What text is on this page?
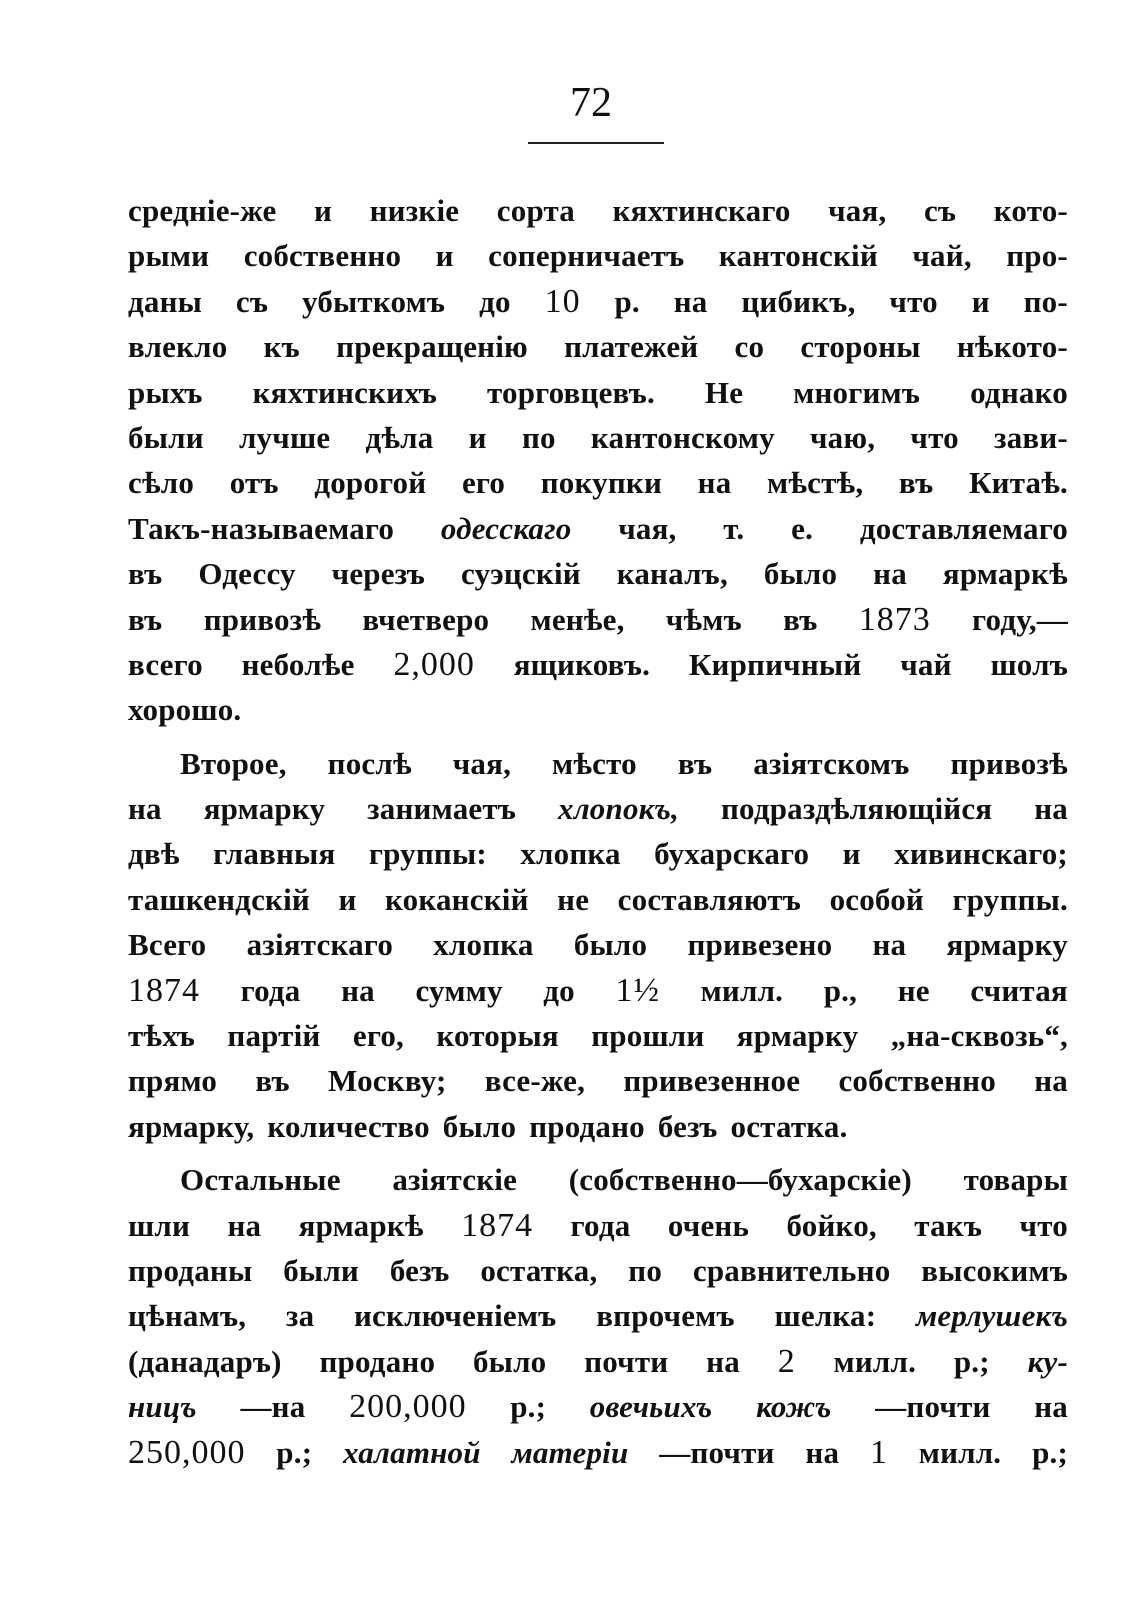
72
средніе-же и низкіе сорта кяхтинскаго чая, съ кото-
рыми собственно и соперничаетъ кантонскій чай, про-
даны съ убыткомъ до 10 р. на цибикъ, что и по-
влекло къ прекращенію платежей со стороны нѣкото-
рыхъ кяхтинскихъ торговцевъ. Не многимъ однако
были лучше дѣла и по кантонскому чаю, что зави-
сѣло отъ дорогой его покупки на мѣстѣ, въ Китаѣ.
Такъ-называемаго одесскаго чая, т. е. доставляемаго
въ Одессу черезъ суэцскій каналъ, было на ярмаркѣ
въ привозѣ вчетверо менѣе, чѣмъ въ 1873 году,—
всего неболѣе 2,000 ящиковъ. Кирпичный чай шолъ
хорошо.
Второе, послѣ чая, мѣсто въ азіятскомъ привозѣ
на ярмарку занимаетъ хлопокъ, подраздѣляющійся на
двѣ главныя группы: хлопка бухарскаго и хивинскаго;
ташкендскій и коканскій не составляютъ особой группы.
Всего азіятскаго хлопка было привезено на ярмарку
1874 года на сумму до 1½ милл. р., не считая
тѣхъ партій его, которыя прошли ярмарку „на-сквозь“,
прямо въ Москву; все-же, привезенное собственно на
ярмарку, количество было продано безъ остатка.
Остальные азіятскіе (собственно—бухарскіе) товары
шли на ярмаркѣ 1874 года очень бойко, такъ что
проданы были безъ остатка, по сравнительно высокимъ
цѣнамъ, за исключеніемъ впрочемъ шелка: мерлушекъ
(данадаръ) продано было почти на 2 милл. р.; ку-
ницъ —на 200,000 р.; овечьихъ кожъ —почти на
250,000 р.; халатной матеріи —почти на 1 милл. р.;
